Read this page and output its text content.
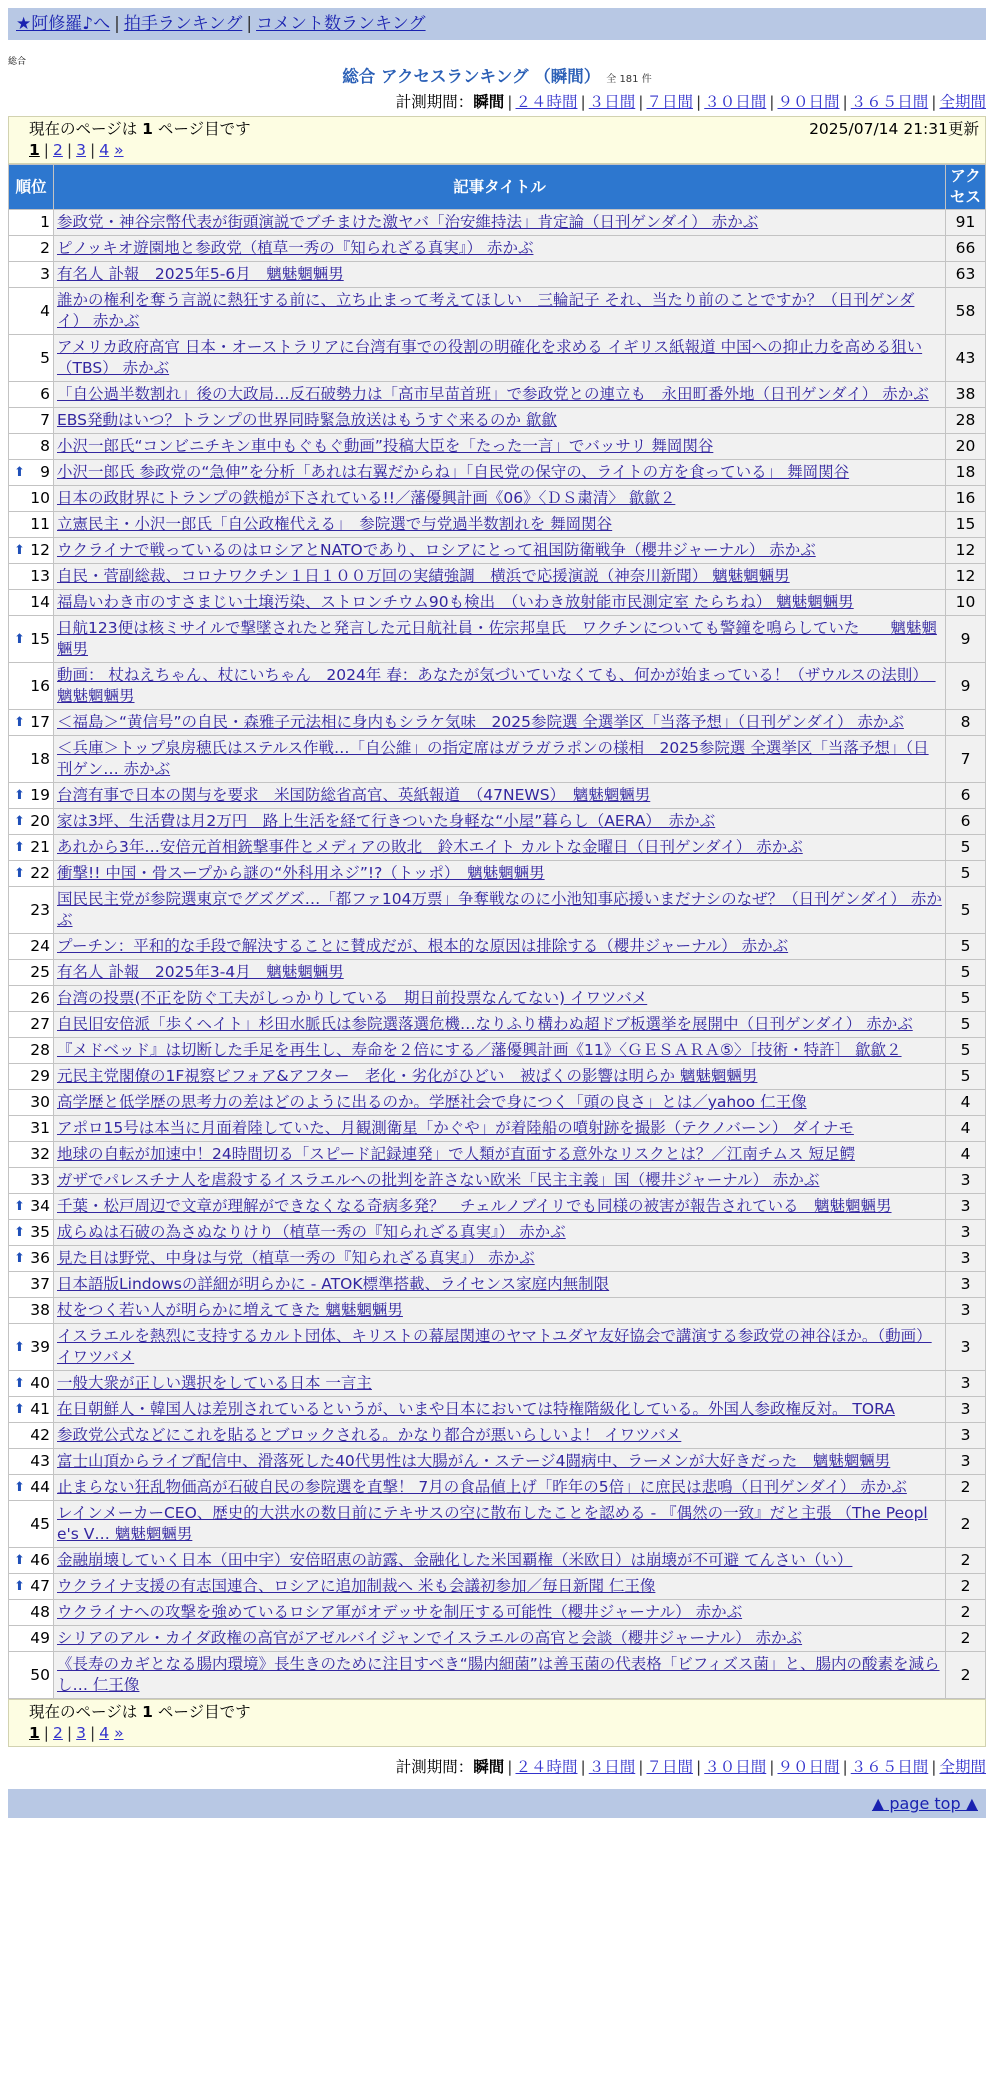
★阿修羅♪へ | 拍手ランキング | コメント数ランキング
総合
総合 アクセスランキング （瞬間） 全 181 件
計測期間：瞬間 | ２４時間 | ３日間 | ７日間 | ３０日間 | ９０日間 | ３６５日間 | 全期間
現在のページは 1 ページ目です	2025/07/14 21:31更新
1 | 2 | 3 | 4 »
順位	記事タイトル	アクセス
1	参政党・神谷宗幣代表が街頭演説でブチまけた激ヤバ「治安維持法」肯定論（日刊ゲンダイ） 赤かぶ	91
2	ピノッキオ遊園地と参政党（植草一秀の『知られざる真実』） 赤かぶ	66
3	有名人 訃報　2025年5-6月　魑魅魍魎男	63
4	誰かの権利を奪う言説に熱狂する前に、立ち止まって考えてほしい　三輪記子 それ、当たり前のことですか？（日刊ゲンダイ） 赤かぶ	58
5	アメリカ政府高官 日本・オーストラリアに台湾有事での役割の明確化を求める イギリス紙報道 中国への抑止力を高める狙い（TBS） 赤かぶ	43
6	「自公過半数割れ」後の大政局…反石破勢力は「高市早苗首班」で参政党との連立も　永田町番外地（日刊ゲンダイ） 赤かぶ	38
7	EBS発動はいつ？トランプの世界同時緊急放送はもうすぐ来るのか 歙歙	28
8	小沢一郎氏“コンビニチキン車中もぐもぐ動画”投稿大臣を「たった一言」でバッサリ 舞岡関谷	20

⬆ 9	小沢一郎氏 参政党の“急伸”を分析「あれは右翼だからね」「自民党の保守の、ライトの方を食っている」 舞岡関谷	18
10	日本の政財界にトランプの鉄槌が下されている!!／藩優興計画《06》〈ＤＳ粛清〉 歙歙２	16
11	立憲民主・小沢一郎氏「自公政権代える」　参院選で与党過半数割れを 舞岡関谷	15

⬆ 12	ウクライナで戦っているのはロシアとNATOであり、ロシアにとって祖国防衛戦争（櫻井ジャーナル） 赤かぶ	12
13	自民・菅副総裁、コロナワクチン１日１００万回の実績強調　横浜で応援演説（神奈川新聞） 魑魅魍魎男	12
14	福島いわき市のすさまじい土壌汚染、ストロンチウム90も検出　（いわき放射能市民測定室 たらちね） 魑魅魍魎男	10

⬆ 15	日航123便は核ミサイルで撃墜されたと発言した元日航社員・佐宗邦皇氏　ワクチンについても警鐘を鳴らしていた　　魑魅魍魎男	9
16	動画： 杖ねえちゃん、杖にいちゃん　2024年 春：あなたが気づいていなくても、何かが始まっている！（ザウルスの法則）　魑魅魍魎男	9

⬆ 17	＜福島＞“黄信号”の自民・森雅子元法相に身内もシラケ気味　2025参院選 全選挙区「当落予想」（日刊ゲンダイ） 赤かぶ	8
18	＜兵庫＞トップ泉房穂氏はステルス作戦…「自公維」の指定席はガラガラポンの様相　2025参院選 全選挙区「当落予想」（日刊ゲン… 赤かぶ	7

⬆ 19	台湾有事で日本の関与を要求　米国防総省高官、英紙報道　（47NEWS）　魑魅魍魎男	6

⬆ 20	家は3坪、生活費は月2万円　路上生活を経て行きついた身軽な“小屋”暮らし（AERA）　赤かぶ	6

⬆ 21	あれから3年…安倍元首相銃撃事件とメディアの敗北　鈴木エイト カルトな金曜日（日刊ゲンダイ） 赤かぶ	5

⬆ 22	衝撃!! 中国・骨スープから謎の“外科用ネジ”!?（トッポ）　魑魅魍魎男	5
23	国民民主党が参院選東京でグズグズ…「都ファ104万票」争奪戦なのに小池知事応援いまだナシのなぜ？（日刊ゲンダイ） 赤かぶ	5
24	プーチン：平和的な手段で解決することに賛成だが、根本的な原因は排除する（櫻井ジャーナル） 赤かぶ	5
25	有名人 訃報　2025年3-4月　魑魅魍魎男	5
26	台湾の投票(不正を防ぐ工夫がしっかりしている　期日前投票なんてない) イワツバメ	5
27	自民旧安倍派「歩くヘイト」杉田水脈氏は参院選落選危機…なりふり構わぬ超ドブ板選挙を展開中（日刊ゲンダイ） 赤かぶ	5
28	『メドベッド』は切断した手足を再生し、寿命を２倍にする／藩優興計画《11》〈ＧＥＳＡＲＡ⑤〉［技術・特許］ 歙歙２	5
29	元民主党閣僚の1F視察ビフォア&アフター　老化・劣化がひどい　被ばくの影響は明らか 魑魅魍魎男	5
30	高学歴と低学歴の思考力の差はどのように出るのか。学歴社会で身につく「頭の良さ」とは／yahoo 仁王像	4
31	アポロ15号は本当に月面着陸していた、月観測衛星「かぐや」が着陸船の噴射跡を撮影（テクノバーン） ダイナモ	4
32	地球の自転が加速中！24時間切る「スピード記録連発」で人類が直面する意外なリスクとは？／江南チムス 短足鰐	4
33	ガザでパレスチナ人を虐殺するイスラエルへの批判を許さない欧米「民主主義」国（櫻井ジャーナル） 赤かぶ	3

⬆ 34	千葉・松戸周辺で文章が理解ができなくなる奇病多発？　チェルノブイリでも同様の被害が報告されている　魑魅魍魎男	3

⬆ 35	成らぬは石破の為さぬなりけり（植草一秀の『知られざる真実』） 赤かぶ	3

⬆ 36	見た目は野党、中身は与党（植草一秀の『知られざる真実』） 赤かぶ	3
37	日本語版Lindowsの詳細が明らかに - ATOK標準搭載、ライセンス家庭内無制限	3
38	杖をつく若い人が明らかに増えてきた 魑魅魍魎男	3

⬆ 39	イスラエルを熱烈に支持するカルト団体、キリストの幕屋関連のヤマトユダヤ友好協会で講演する参政党の神谷ほか。（動画） イワツバメ	3

⬆ 40	一般大衆が正しい選択をしている日本 一言主	3

⬆ 41	在日朝鮮人・韓国人は差別されているというが、いまや日本においては特権階級化している。外国人参政権反対。 TORA	3
42	参政党公式などにこれを貼るとブロックされる。かなり都合が悪いらしいよ！ イワツバメ	3
43	富士山頂からライブ配信中、滑落死した40代男性は大腸がん・ステージ4闘病中、ラーメンが大好きだった　魑魅魍魎男	3

⬆ 44	止まらない狂乱物価高が石破自民の参院選を直撃！ 7月の食品値上げ「昨年の5倍」に庶民は悲鳴（日刊ゲンダイ） 赤かぶ	2
45	レインメーカーCEO、歴史的大洪水の数日前にテキサスの空に散布したことを認める - 『偶然の一致』だと主張 （The People's V… 魑魅魍魎男	2

⬆ 46	金融崩壊していく日本（田中宇）安倍昭恵の訪露、金融化した米国覇権（米欧日）は崩壊が不可避 てんさい（い）	2

⬆ 47	ウクライナ支援の有志国連合、ロシアに追加制裁へ 米も会議初参加／毎日新聞 仁王像	2
48	ウクライナへの攻撃を強めているロシア軍がオデッサを制圧する可能性（櫻井ジャーナル） 赤かぶ	2
49	シリアのアル・カイダ政権の高官がアゼルバイジャンでイスラエルの高官と会談（櫻井ジャーナル） 赤かぶ	2
50	《長寿のカギとなる腸内環境》長生きのために注目すべき“腸内細菌”は善玉菌の代表格「ビフィズス菌」と、腸内の酸素を減らし… 仁王像	2
現在のページは 1 ページ目です
1 | 2 | 3 | 4 »
計測期間：瞬間 | ２４時間 | ３日間 | ７日間 | ３０日間 | ９０日間 | ３６５日間 | 全期間
▲ page top ▲
